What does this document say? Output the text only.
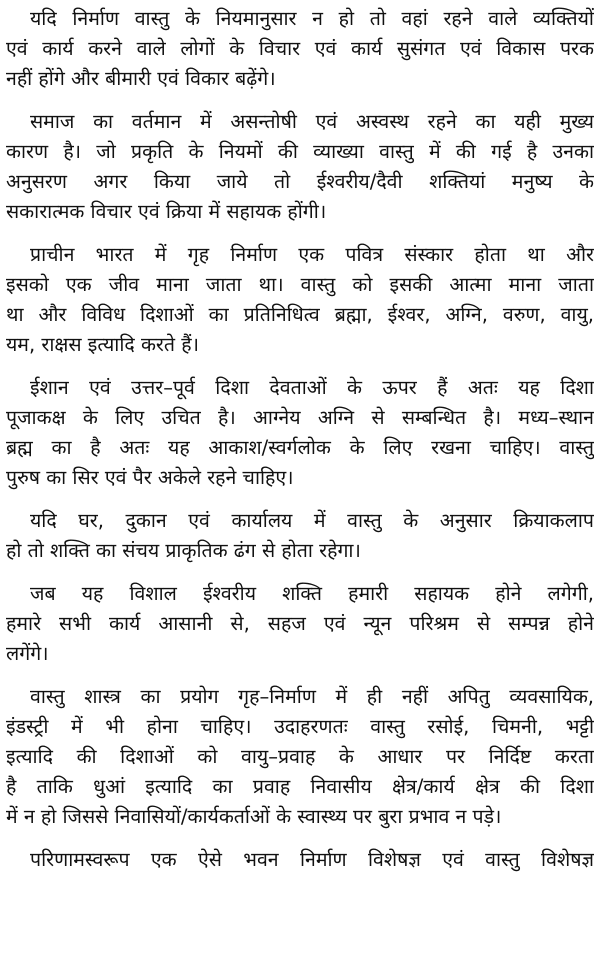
यदि निर्माण वास्तु के नियमानुसार न हो तो वहां रहने वाले व्यक्तियों
एवं कार्य करने वाले लोगों के विचार एवं कार्य सुसंगत एवं विकास परक
नहीं होंगे और बीमारी एवं विकार बढ़ेंगे।
समाज का वर्तमान में असन्तोषी एवं अस्वस्थ रहने का यही मुख्य
कारण है। जो प्रकृति के नियमों की व्याख्या वास्तु में की गई है उनका
अनुसरण अगर किया जाये तो ईश्वरीय/दैवी शक्तियां मनुष्य के
सकारात्मक विचार एवं क्रिया में सहायक होंगी।
प्राचीन भारत में गृह निर्माण एक पवित्र संस्कार होता था और
इसको एक जीव माना जाता था। वास्तु को इसकी आत्मा माना जाता
था और विविध दिशाओं का प्रतिनिधित्व ब्रह्मा, ईश्वर, अग्नि, वरुण, वायु,
यम, राक्षस इत्यादि करते हैं।
ईशान एवं उत्तर–पूर्व दिशा देवताओं के ऊपर हैं अतः यह दिशा
पूजाकक्ष के लिए उचित है। आग्नेय अग्नि से सम्बन्धित है। मध्य–स्थान
ब्रह्म का है अतः यह आकाश/स्वर्गलोक के लिए रखना चाहिए। वास्तु
पुरुष का सिर एवं पैर अकेले रहने चाहिए।
यदि घर, दुकान एवं कार्यालय में वास्तु के अनुसार क्रियाकलाप
हो तो शक्ति का संचय प्राकृतिक ढंग से होता रहेगा।
जब यह विशाल ईश्वरीय शक्ति हमारी सहायक होने लगेगी,
हमारे सभी कार्य आसानी से, सहज एवं न्यून परिश्रम से सम्पन्न होने
लगेंगे।
वास्तु शास्त्र का प्रयोग गृह–निर्माण में ही नहीं अपितु व्यवसायिक,
इंडस्ट्री में भी होना चाहिए। उदाहरणतः वास्तु रसोई, चिमनी, भट्टी
इत्यादि की दिशाओं को वायु–प्रवाह के आधार पर निर्दिष्ट करता
है ताकि धुआं इत्यादि का प्रवाह निवासीय क्षेत्र/कार्य क्षेत्र की दिशा
में न हो जिससे निवासियों/कार्यकर्ताओं के स्वास्थ्य पर बुरा प्रभाव न पड़े।
परिणामस्वरूप एक ऐसे भवन निर्माण विशेषज्ञ एवं वास्तु विशेषज्ञ
